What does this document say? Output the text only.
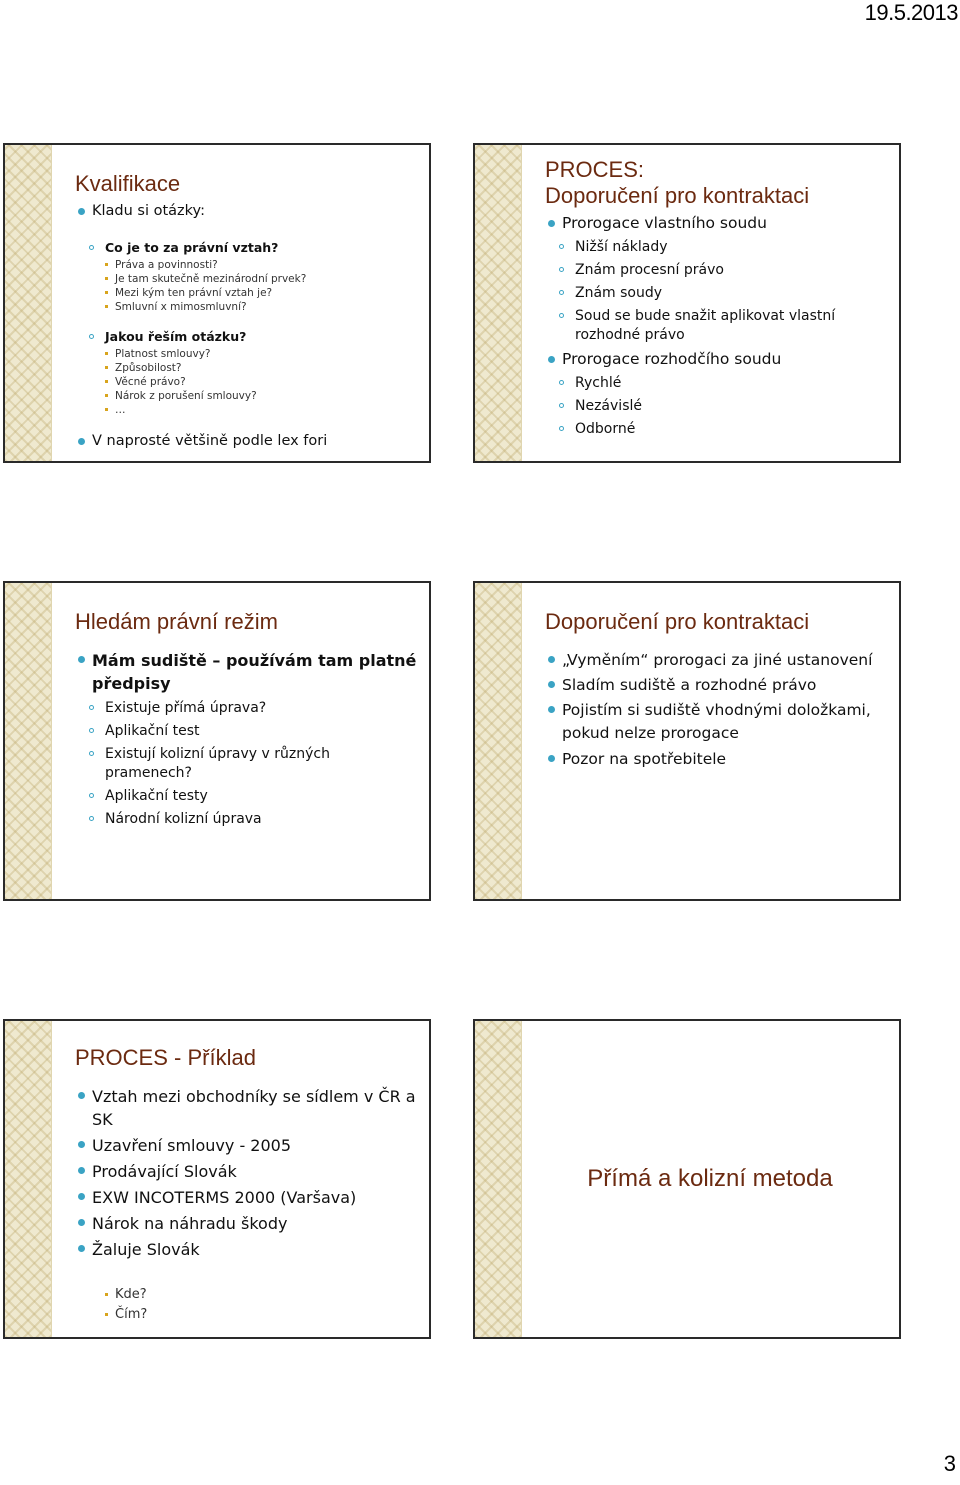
19.5.2013
Kvalifikace
Kladu si otázky:
Co je to za právní vztah?
Práva a povinnosti?
Je tam skutečně mezinárodní prvek?
Mezi kým ten právní vztah je?
Smluvní x mimosmluvní?
Jakou řeším otázku?
Platnost smlouvy?
Způsobilost?
Věcné právo?
Nárok z porušení smlouvy?
…
V naprosté většině podle lex fori
PROCES:
Doporučení pro kontraktaci
Prorogace vlastního soudu
Nižší náklady
Znám procesní právo
Znám soudy
Soud se bude snažit aplikovat vlastní rozhodné právo
Prorogace rozhodčího soudu
Rychlé
Nezávislé
Odborné
Hledám právní režim
Mám sudiště – používám tam platné předpisy
Existuje přímá úprava?
Aplikační test
Existují kolizní úpravy v různých pramenech?
Aplikační testy
Národní kolizní úprava
Doporučení pro kontraktaci
„Vyměním“ prorogaci za jiné ustanovení
Sladím sudiště a rozhodné právo
Pojistím si sudiště vhodnými doložkami, pokud nelze prorogace
Pozor na spotřebitele
PROCES - Příklad
Vztah mezi obchodníky se sídlem v ČR a SK
Uzavření smlouvy - 2005
Prodávající Slovák
EXW INCOTERMS 2000 (Varšava)
Nárok na náhradu škody
Žaluje Slovák
Kde?
Čím?
Přímá a kolizní metoda
3
